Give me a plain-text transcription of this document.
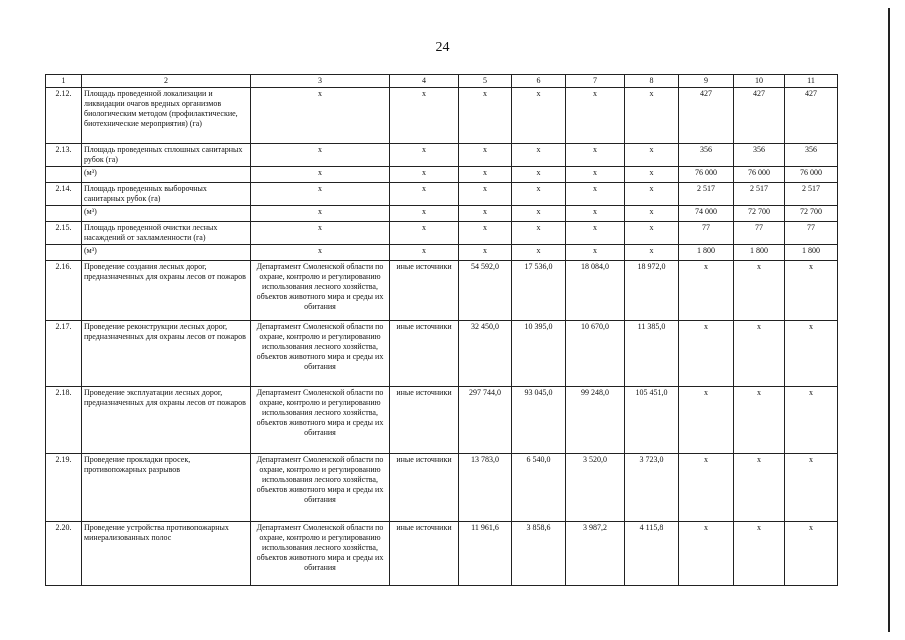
24
1	2	3	4	5	6	7	8	9	10	11
2.12.	Площадь проведенной локализации и ликвидации очагов вредных организмов биологическим методом (профилактические, биотехнические мероприятия) (га)	x	x	x	x	x	x	427	427	427
2.13.	Площадь проведенных сплошных санитарных рубок (га)	x	x	x	x	x	x	356	356	356
	(м³)	x	x	x	x	x	x	76 000	76 000	76 000
2.14.	Площадь проведенных выборочных санитарных рубок (га)	x	x	x	x	x	x	2 517	2 517	2 517
	(м³)	x	x	x	x	x	x	74 000	72 700	72 700
2.15.	Площадь проведенной очистки лесных насаждений от захламленности (га)	x	x	x	x	x	x	77	77	77
	(м³)	x	x	x	x	x	x	1 800	1 800	1 800
2.16.	Проведение создания лесных дорог, предназначенных для охраны лесов от пожаров	Департамент Смоленской области по охране, контролю и регулированию использования лесного хозяйства, объектов животного мира и среды их обитания	иные источники	54 592,0	17 536,0	18 084,0	18 972,0	x	x	x
2.17.	Проведение реконструкции лесных дорог, предназначенных для охраны лесов от пожаров	Департамент Смоленской области по охране, контролю и регулированию использования лесного хозяйства, объектов животного мира и среды их обитания	иные источники	32 450,0	10 395,0	10 670,0	11 385,0	x	x	x
2.18.	Проведение эксплуатации лесных дорог, предназначенных для охраны лесов от пожаров	Департамент Смоленской области по охране, контролю и регулированию использования лесного хозяйства, объектов животного мира и среды их обитания	иные источники	297 744,0	93 045,0	99 248,0	105 451,0	x	x	x
2.19.	Проведение прокладки просек, противопожарных разрывов	Департамент Смоленской области по охране, контролю и регулированию использования лесного хозяйства, объектов животного мира и среды их обитания	иные источники	13 783,0	6 540,0	3 520,0	3 723,0	x	x	x
2.20.	Проведение устройства противопожарных минерализованных полос	Департамент Смоленской области по охране, контролю и регулированию использования лесного хозяйства, объектов животного мира и среды их обитания	иные источники	11 961,6	3 858,6	3 987,2	4 115,8	x	x	x
